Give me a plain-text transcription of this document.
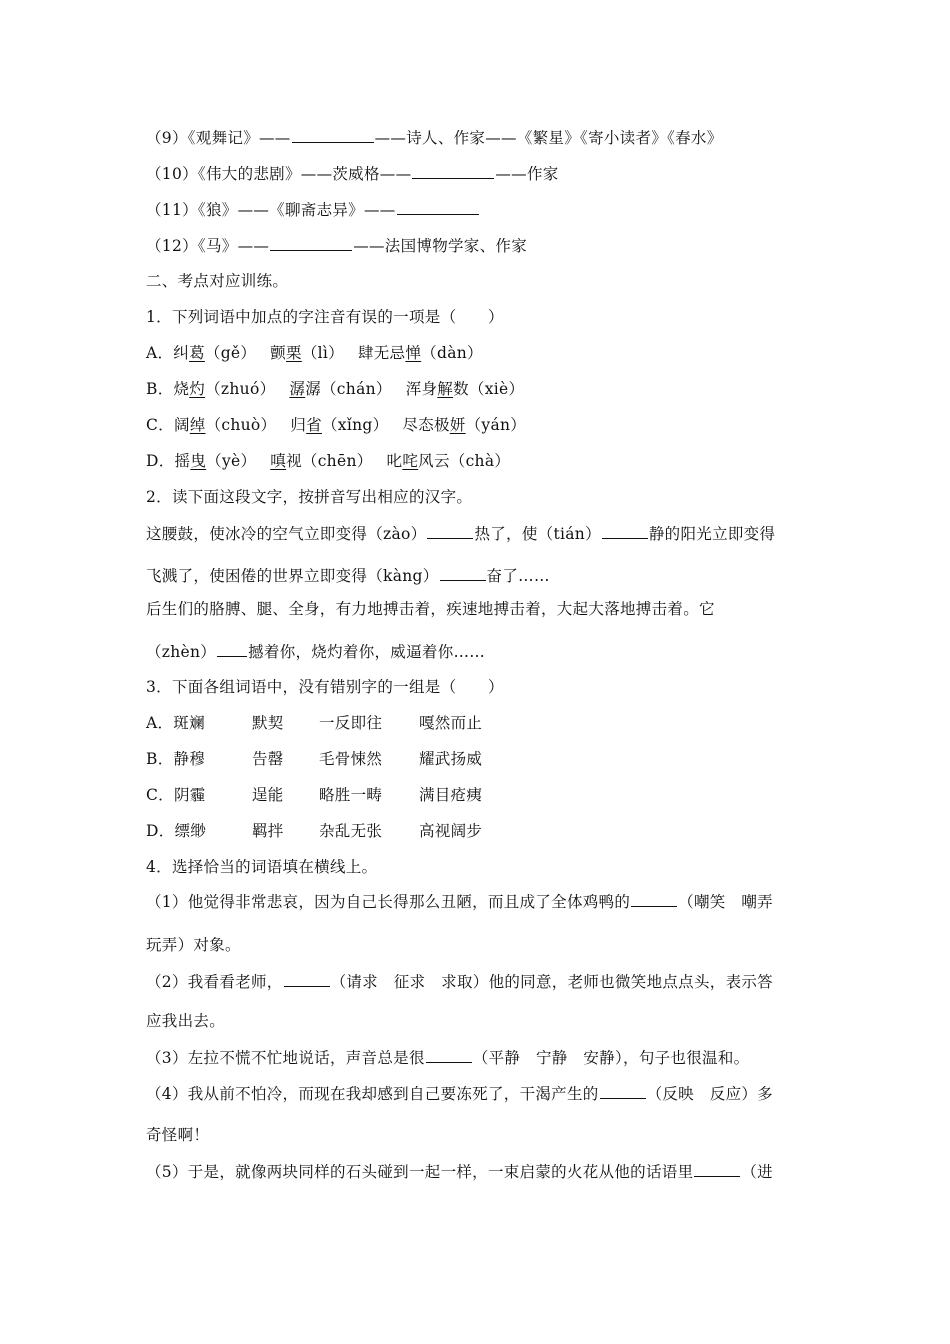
（9）《观舞记》——	——诗人、作家——《繁星》《寄小读者》《春水》
（10）《伟大的悲剧》——茨威格——	——作家
（11）《狼》——《聊斋志异》——
（12）《马》——	——法国博物学家、作家
二、考点对应训练。
1．下列词语中加点的字注音有误的一项是（　　）
A．纠葛（gě） 颤栗（lì） 肆无忌惮（dàn）
B．烧灼（zhuó） 潺潺（chán） 浑身解数（xiè）
C．阔绰（chuò） 归省（xǐng） 尽态极妍（yán）
D．摇曳（yè） 嗔视（chēn） 叱咤风云（chà）
2．读下面这段文字，按拼音写出相应的汉字。
这腰鼓，使冰冷的空气立即变得（zào）	热了，使（tián）	静的阳光立即变得
飞溅了，使困倦的世界立即变得（kàng）	奋了……
后生们的胳膊、腿、全身，有力地搏击着，疾速地搏击着，大起大落地搏击着。它
（zhèn） 撼着你，烧灼着你，威逼着你……
3．下面各组词语中，没有错别字的一组是（　　）
A．斑斓	默契 一反即往 嘎然而止
B．静穆	告罄 毛骨悚然 耀武扬威
C．阴霾	逞能 略胜一畴 满目疮痍
D．缥缈	羁拌 杂乱无张 高视阔步
4．选择恰当的词语填在横线上。
（1）他觉得非常悲哀，因为自己长得那么丑陋，而且成了全体鸡鸭的	（嘲笑　嘲弄
玩弄）对象。
（2）我看看老师，	（请求　征求　求取）他的同意，老师也微笑地点点头，表示答
应我出去。
（3）左拉不慌不忙地说话，声音总是很	（平静　宁静　安静），句子也很温和。
（4）我从前不怕冷，而现在我却感到自己要冻死了，干渴产生的	（反映　反应）多
奇怪啊！
（5）于是，就像两块同样的石头碰到一起一样，一束启蒙的火花从他的话语里	（进
